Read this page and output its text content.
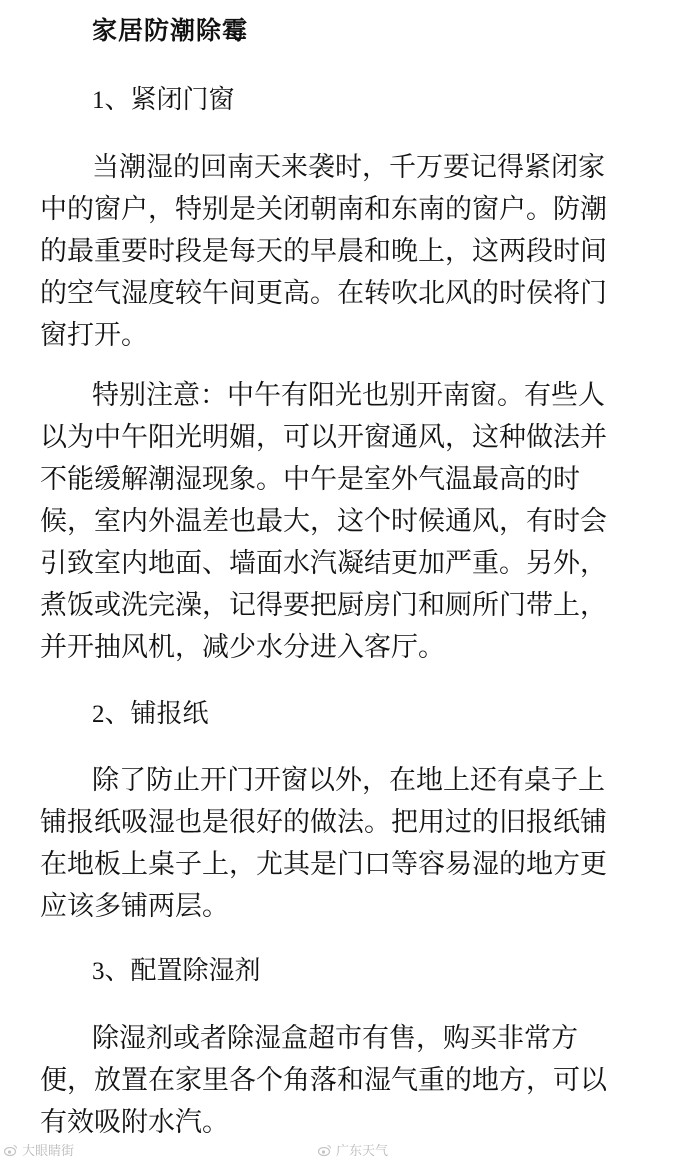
家居防潮除霉
1、紧闭门窗

当潮湿的回南天来袭时，千万要记得紧闭家
中的窗户，特别是关闭朝南和东南的窗户。防潮
的最重要时段是每天的早晨和晚上，这两段时间
的空气湿度较午间更高。在转吹北风的时侯将门
窗打开。

特别注意：中午有阳光也别开南窗。有些人
以为中午阳光明媚，可以开窗通风，这种做法并
不能缓解潮湿现象。中午是室外气温最高的时
候，室内外温差也最大，这个时候通风，有时会
引致室内地面、墙面水汽凝结更加严重。另外，
煮饭或洗完澡，记得要把厨房门和厕所门带上，
并开抽风机，减少水分进入客厅。

2、铺报纸

除了防止开门开窗以外，在地上还有桌子上
铺报纸吸湿也是很好的做法。把用过的旧报纸铺
在地板上桌子上，尤其是门口等容易湿的地方更
应该多铺两层。

3、配置除湿剂

除湿剂或者除湿盒超市有售，购买非常方
便，放置在家里各个角落和湿气重的地方，可以
有效吸附水汽。

大眼睛街	广东天气
